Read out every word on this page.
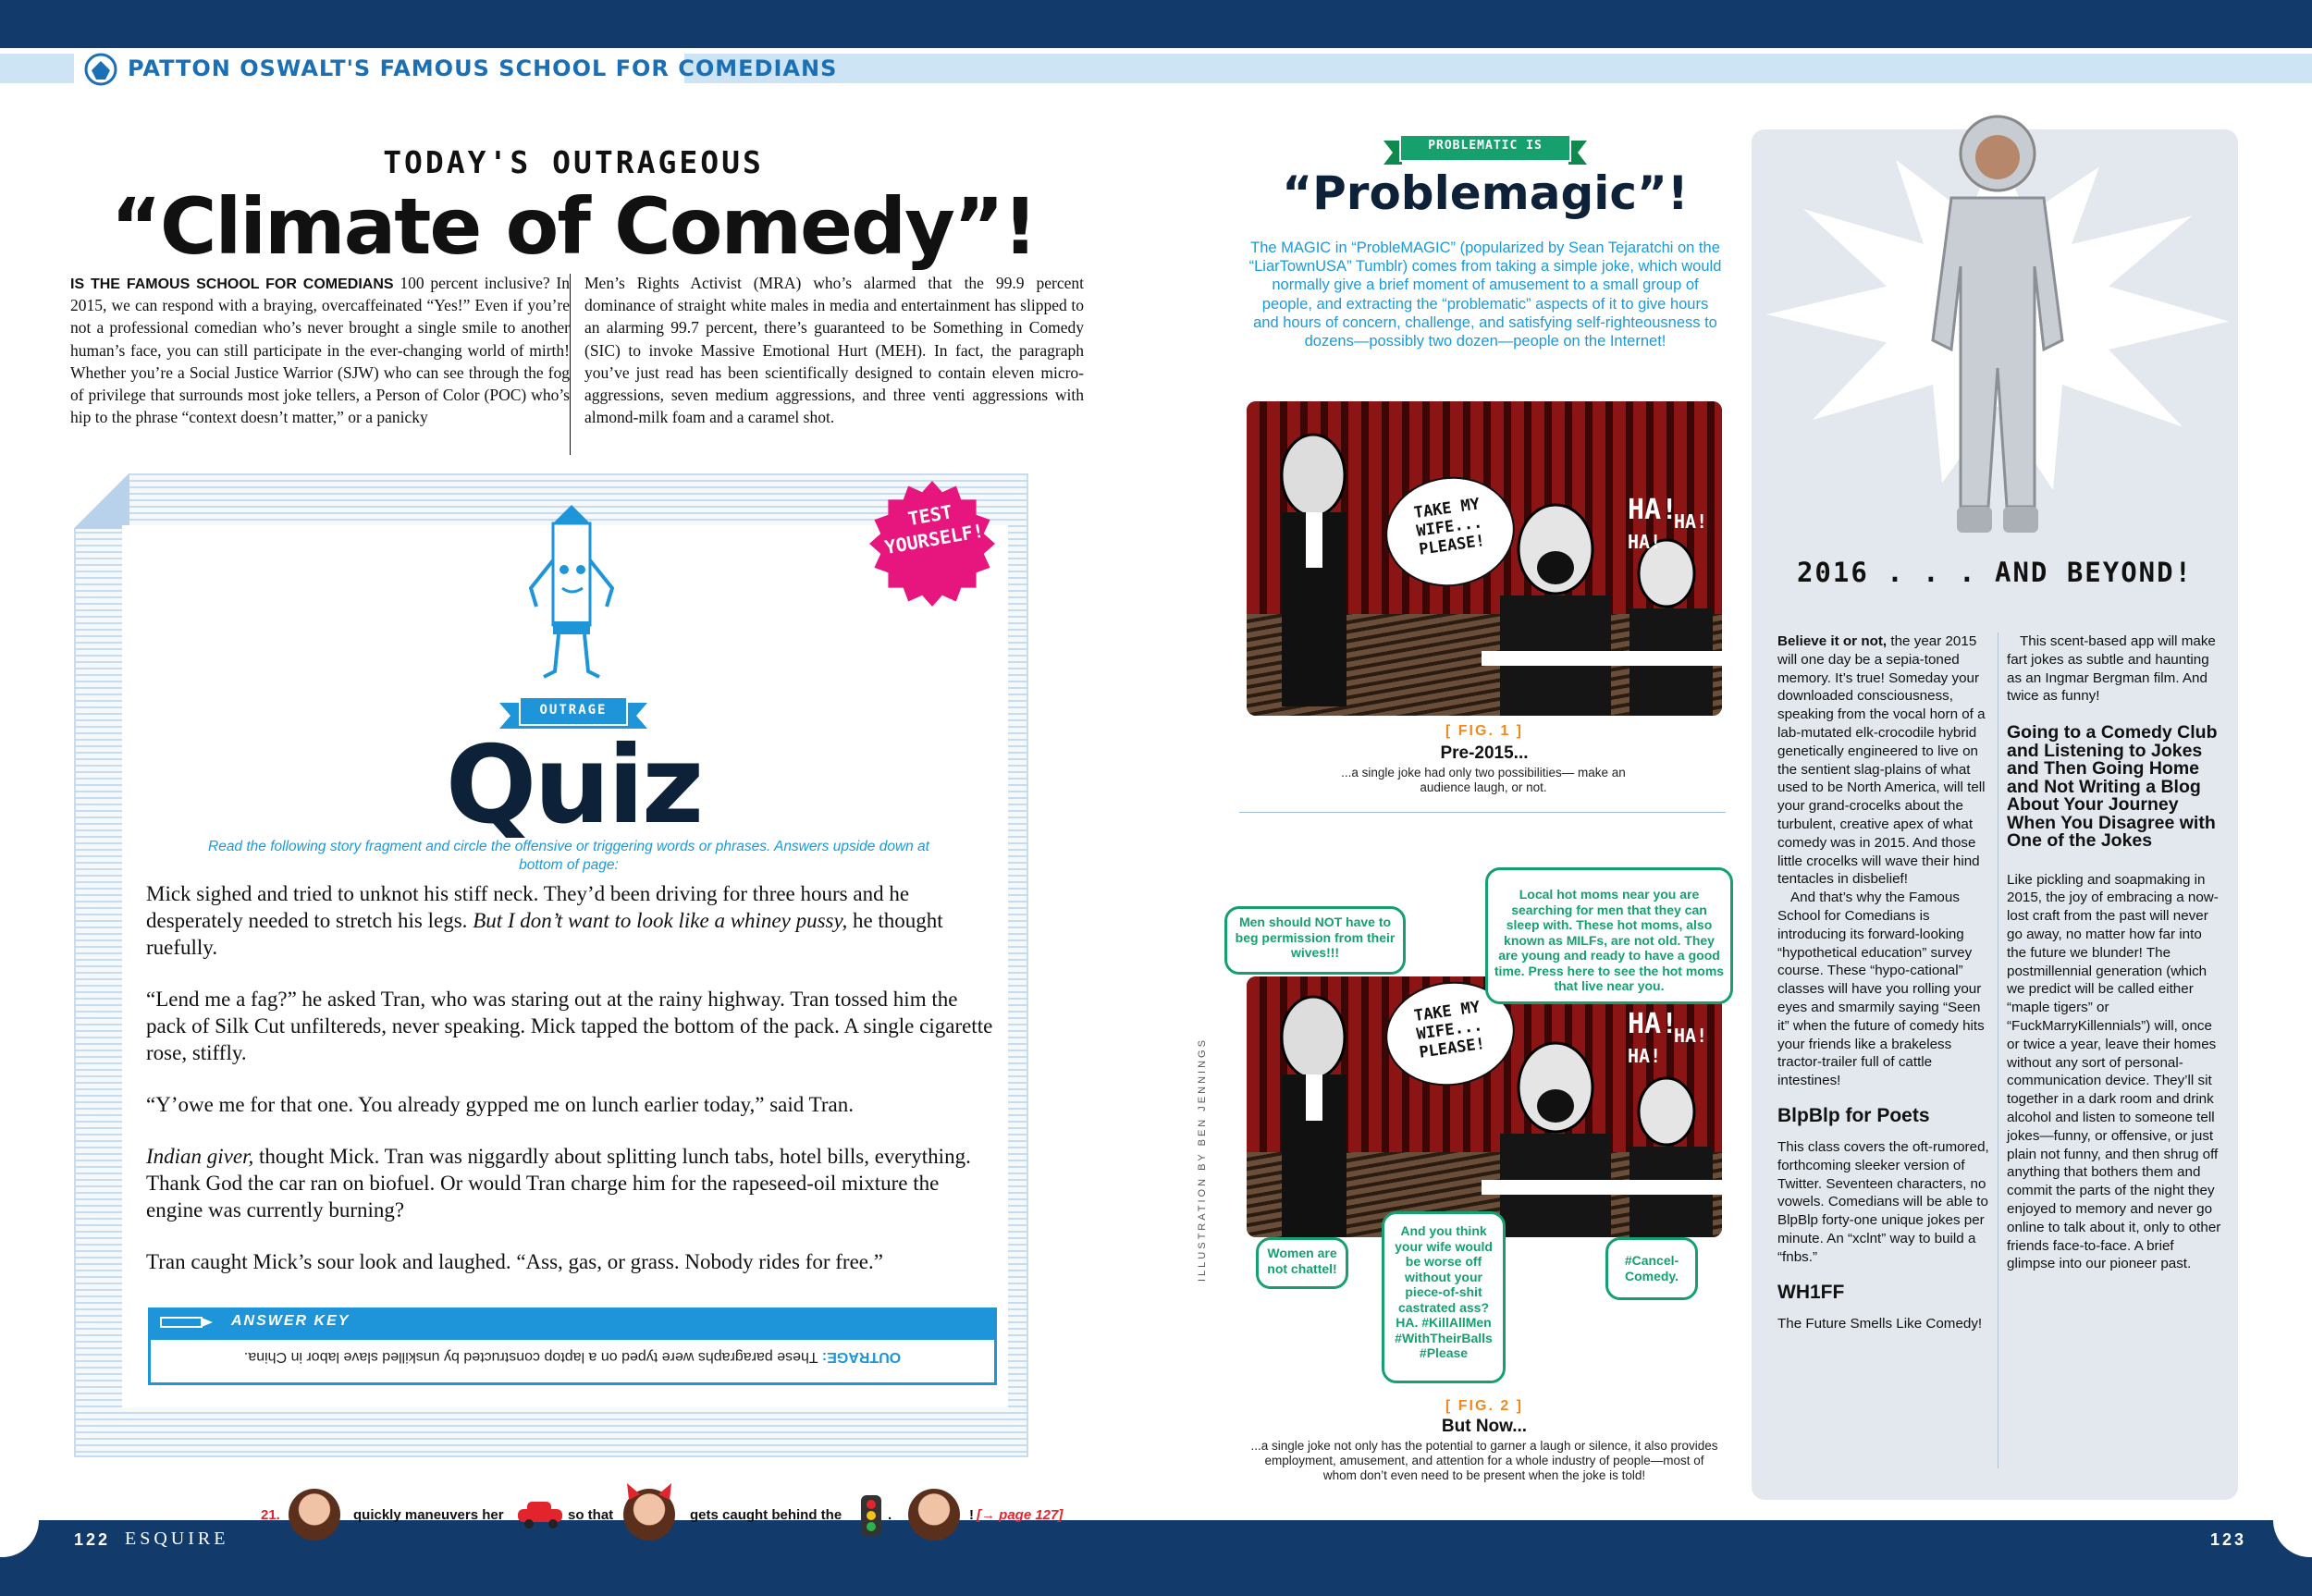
PATTON OSWALT'S FAMOUS SCHOOL FOR COMEDIANS
122 ESQUIRE	123
TODAY'S OUTRAGEOUS
“Climate of Comedy”!
IS THE FAMOUS SCHOOL FOR COMEDIANS 100 percent inclusive? In 2015, we can respond with a braying, overcaffeinated “Yes!” Even if you’re not a professional comedian who’s never brought a single smile to another human’s face, you can still participate in the ever-changing world of mirth! Whether you’re a Social Justice Warrior (SJW) who can see through the fog of privilege that surrounds most joke tellers, a Person of Color (POC) who’s hip to the phrase “context doesn’t matter,” or a panicky
Men’s Rights Activist (MRA) who’s alarmed that the 99.9 percent dominance of straight white males in media and entertainment has slipped to an alarming 99.7 percent, there’s guaranteed to be Something in Comedy (SIC) to invoke Massive Emotional Hurt (MEH). In fact, the paragraph you’ve just read has been scientifically designed to contain eleven micro-aggressions, seven medium aggressions, and three venti aggressions with almond-milk foam and a caramel shot.
TEST YOURSELF!
OUTRAGE
Quiz
Read the following story fragment and circle the offensive or triggering words or phrases. Answers upside down at bottom of page:

Mick sighed and tried to unknot his stiff neck. They’d been driving for three hours and he desperately needed to stretch his legs. But I don’t want to look like a whiney pussy, he thought ruefully.

“Lend me a fag?” he asked Tran, who was staring out at the rainy highway. Tran tossed him the pack of Silk Cut unfiltereds, never speaking. Mick tapped the bottom of the pack. A single cigarette rose, stiffly.

“Y’owe me for that one. You already gypped me on lunch earlier today,” said Tran.

Indian giver, thought Mick. Tran was niggardly about splitting lunch tabs, hotel bills, everything. Thank God the car ran on biofuel. Or would Tran charge him for the rapeseed-oil mixture the engine was currently burning?

Tran caught Mick’s sour look and laughed. “Ass, gas, or grass. Nobody rides for free.”

ANSWER KEY
OUTRAGE: These paragraphs were typed on a laptop constructed by unskilled slave labor in China.
21.	quickly maneuvers her	so that	gets caught behind the	.	! [→ page 127]
PROBLEMATIC IS
“Problemagic”!
The MAGIC in “ProbleMAGIC” (popularized by Sean Tejaratchi on the “LiarTownUSA” Tumblr) comes from taking a simple joke, which would normally give a brief moment of amusement to a small group of people, and extracting the “problematic” aspects of it to give hours and hours of concern, challenge, and satisfying self-righteousness to dozens—possibly two dozen—people on the Internet!
TAKE MY WIFE... PLEASE!
HA!
HA!
HA!
[ FIG. 1 ]
Pre-2015...
...a single joke had only two possibilities— make an audience laugh, or not.
TAKE MY WIFE... PLEASE!
HA!
HA!
HA!
Men should NOT have to beg permission from their wives!!!
Local hot moms near you are searching for men that they can sleep with. These hot moms, also known as MILFs, are not old. They are young and ready to have a good time. Press here to see the hot moms that live near you.
Women are not chattel!
And you think your wife would be worse off without your piece-of-shit castrated ass? HA. #KillAllMen #WithTheirBalls #Please
#Cancel-Comedy.
[ FIG. 2 ]
But Now...
...a single joke not only has the potential to garner a laugh or silence, it also provides employment, amusement, and attention for a whole industry of people—most of whom don’t even need to be present when the joke is told!
ILLUSTRATION BY BEN JENNINGS
2016 . . . AND BEYOND!

Believe it or not, the year 2015 will one day be a sepia-toned memory. It’s true! Someday your downloaded consciousness, speaking from the vocal horn of a lab-mutated elk-crocodile hybrid genetically engineered to live on the sentient slag-plains of what used to be North America, will tell your grand-crocelks about the turbulent, creative apex of what comedy was in 2015. And those little crocelks will wave their hind tentacles in disbelief!

And that’s why the Famous School for Comedians is introducing its forward-looking “hypothetical education” survey course. These “hypo-cational” classes will have you rolling your eyes and smarmily saying “Seen it” when the future of comedy hits your friends like a brakeless tractor-trailer full of cattle intestines!

BlpBlp for Poets

This class covers the oft-rumored, forthcoming sleeker version of Twitter. Seventeen characters, no vowels. Comedians will be able to BlpBlp forty-one unique jokes per minute. An “xclnt” way to build a “fnbs.”

WH1FF

The Future Smells Like Comedy!

This scent-based app will make fart jokes as subtle and haunting as an Ingmar Bergman film. And twice as funny!

Going to a Comedy Club and Listening to Jokes and Then Going Home and Not Writing a Blog About Your Journey When You Disagree with One of the Jokes

Like pickling and soapmaking in 2015, the joy of embracing a now-lost craft from the past will never go away, no matter how far into the future we blunder! The postmillennial generation (which we predict will be called either “maple tigers” or “FuckMarryKillennials”) will, once or twice a year, leave their homes without any sort of personal-communication device. They’ll sit together in a dark room and drink alcohol and listen to someone tell jokes—funny, or offensive, or just plain not funny, and then shrug off anything that bothers them and commit the parts of the night they enjoyed to memory and never go online to talk about it, only to other friends face-to-face. A brief glimpse into our pioneer past.
